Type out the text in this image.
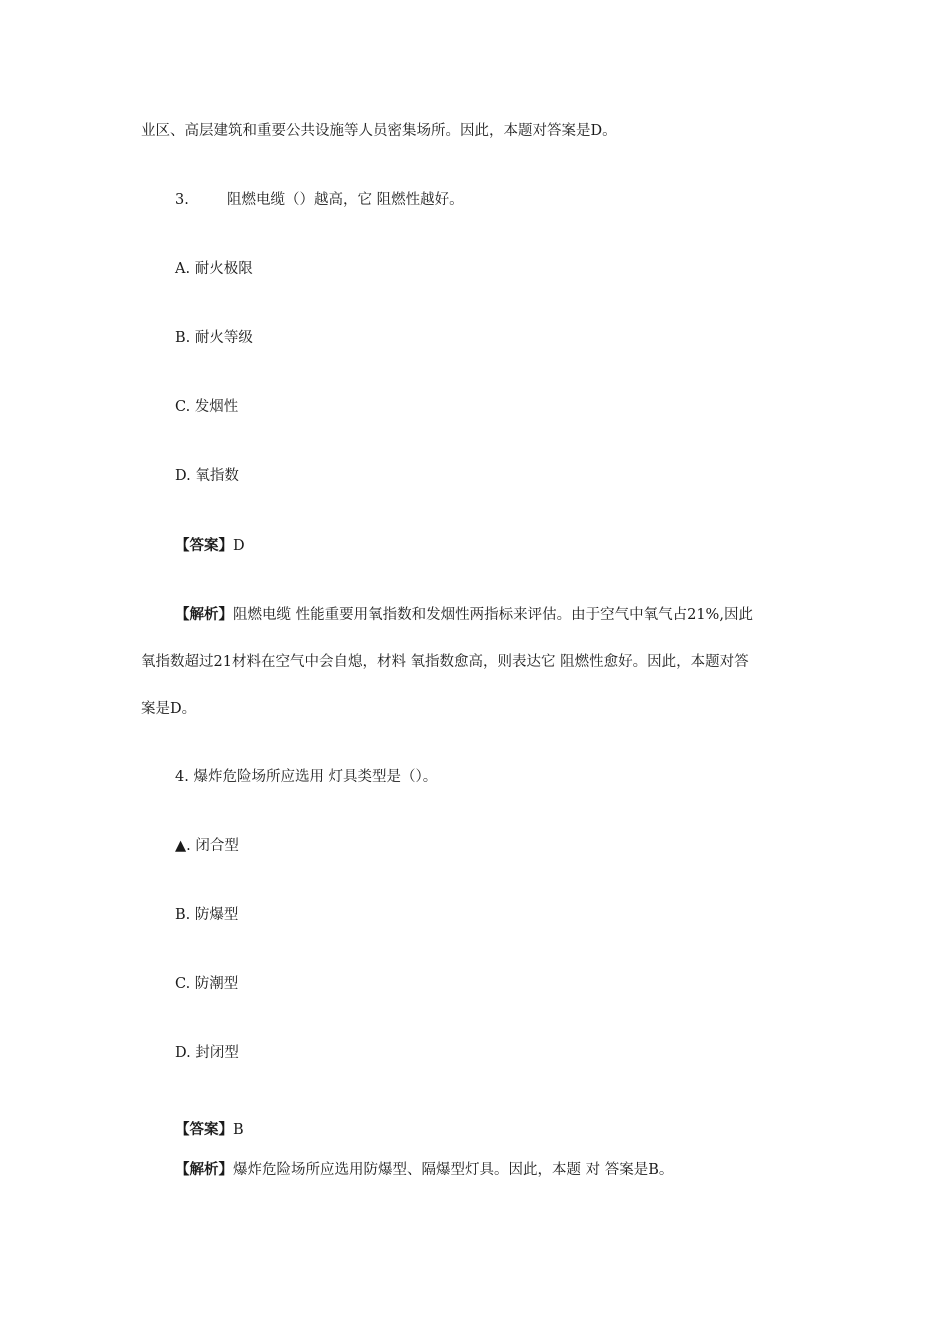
业区、高层建筑和重要公共设施等人员密集场所。因此，本题对答案是D。
3.	阻燃电缆（）越高，它 阻燃性越好。
A. 耐火极限
B. 耐火等级
C. 发烟性
D. 氧指数
【答案】D
【解析】阻燃电缆 性能重要用氧指数和发烟性两指标来评估。由于空气中氧气占21%,因此
氧指数超过21材料在空气中会自熄，材料 氧指数愈高，则表达它 阻燃性愈好。因此，本题对答
案是D。
4. 爆炸危险场所应选用 灯具类型是（）。
▲. 闭合型
B. 防爆型
C. 防潮型
D. 封闭型
【答案】B
【解析】爆炸危险场所应选用防爆型、隔爆型灯具。因此，本题 对 答案是B。
